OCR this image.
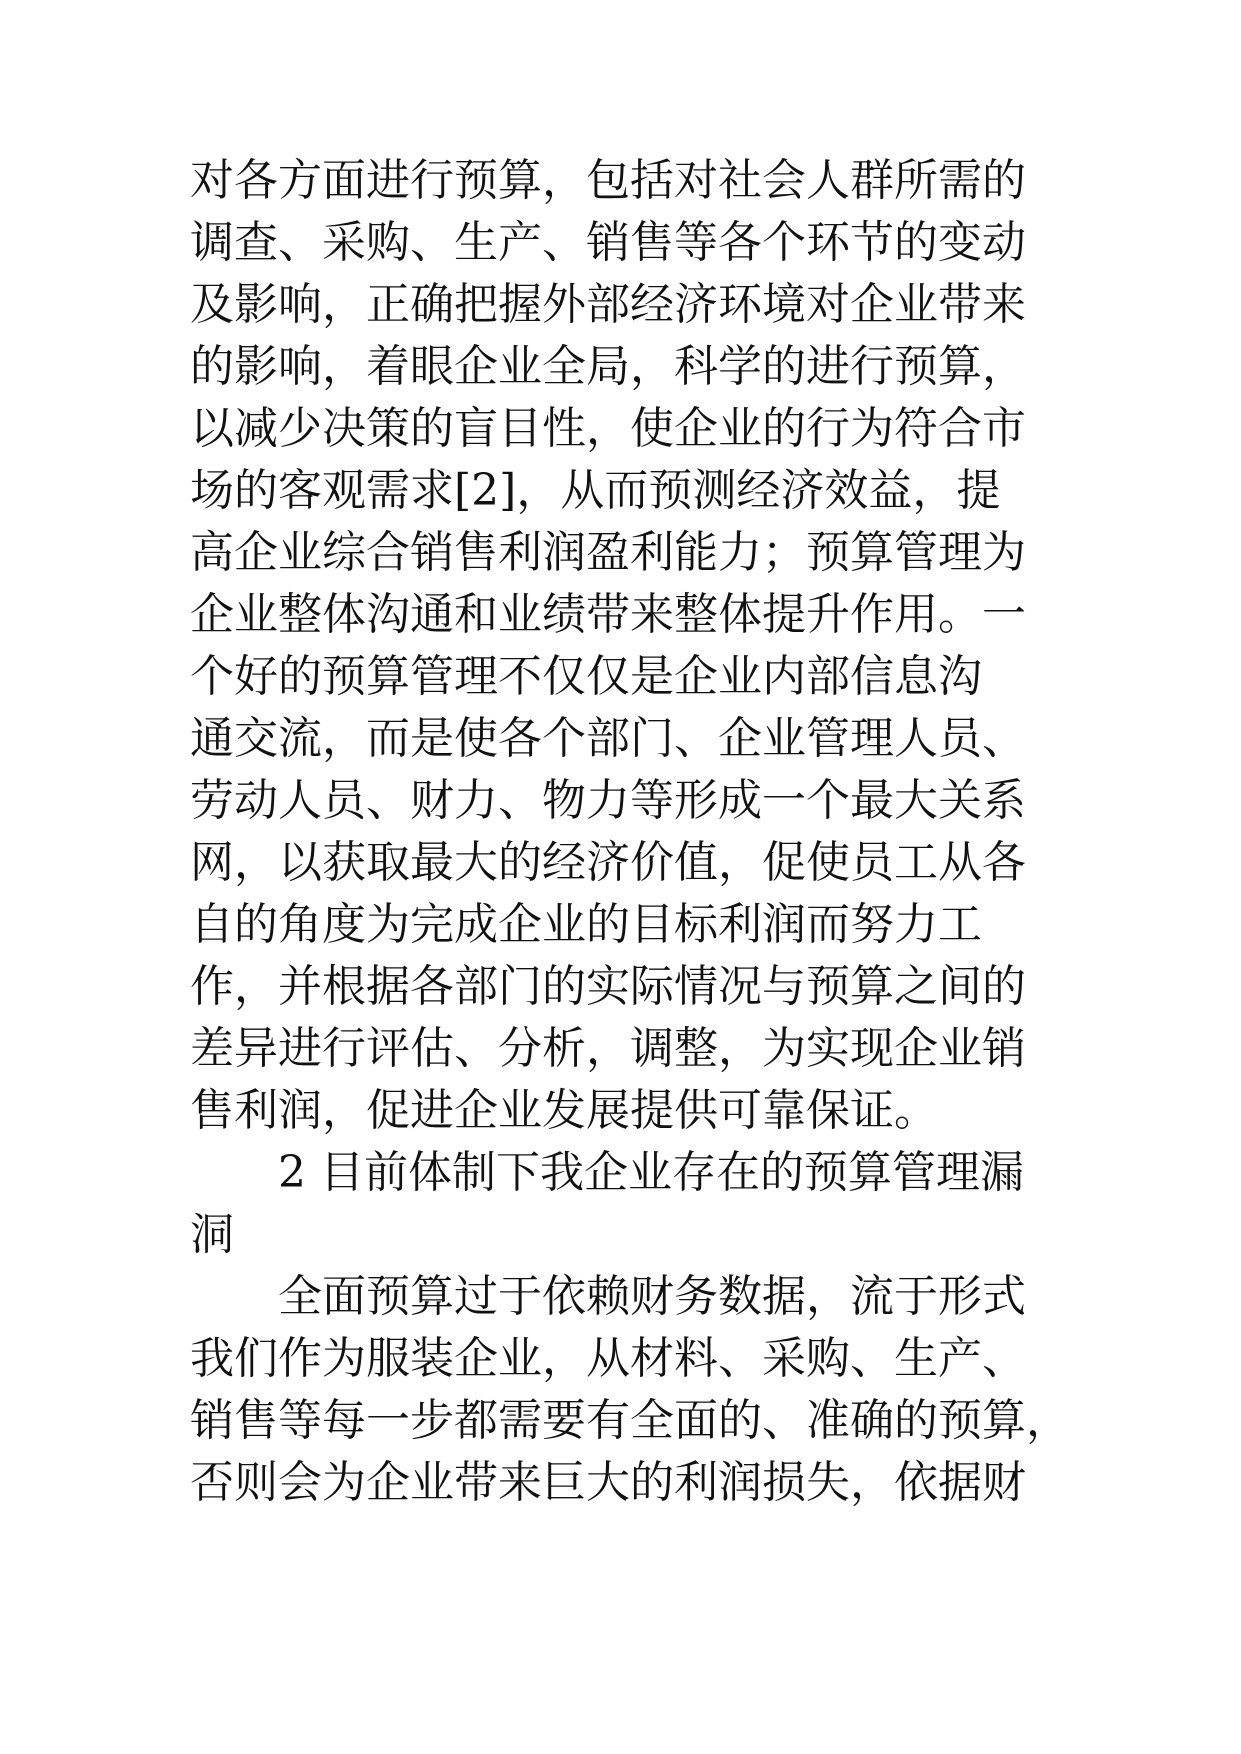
对各方面进行预算，包括对社会人群所需的
调查、采购、生产、销售等各个环节的变动
及影响，正确把握外部经济环境对企业带来
的影响，着眼企业全局，科学的进行预算，
以减少决策的盲目性，使企业的行为符合市
场的客观需求[2]，从而预测经济效益，提
高企业综合销售利润盈利能力；预算管理为
企业整体沟通和业绩带来整体提升作用。一
个好的预算管理不仅仅是企业内部信息沟
通交流，而是使各个部门、企业管理人员、
劳动人员、财力、物力等形成一个最大关系
网，以获取最大的经济价值，促使员工从各
自的角度为完成企业的目标利润而努力工
作，并根据各部门的实际情况与预算之间的
差异进行评估、分析，调整，为实现企业销
售利润，促进企业发展提供可靠保证。
2 目前体制下我企业存在的预算管理漏
洞
全面预算过于依赖财务数据，流于形式
我们作为服装企业，从材料、采购、生产、
销售等每一步都需要有全面的、准确的预算，
否则会为企业带来巨大的利润损失，依据财
